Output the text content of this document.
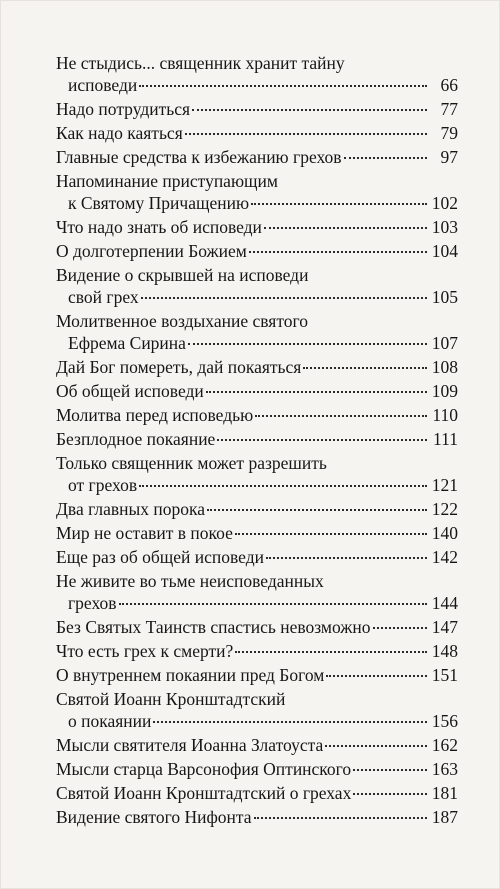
Не стыдись... священник хранит тайну
исповеди	66
Надо потрудиться	77
Как надо каяться	79
Главные средства к избежанию грехов	97
Напоминание приступающим
к Святому Причащению	102
Что надо знать об исповеди	103
О долготерпении Божием	104
Видение о скрывшей на исповеди
свой грех	105
Молитвенное воздыхание святого
Ефрема Сирина	107
Дай Бог помереть, дай покаяться	108
Об общей исповеди	109
Молитва перед исповедью	110
Безплодное покаяние	111
Только священник может разрешить
от грехов	121
Два главных порока	122
Мир не оставит в покое	140
Еще раз об общей исповеди	142
Не живите во тьме неисповеданных
грехов	144
Без Святых Таинств спастись невозможно	147
Что есть грех к смерти?	148
О внутреннем покаянии пред Богом	151
Святой Иоанн Кронштадтский
о покаянии	156
Мысли святителя Иоанна Златоуста	162
Мысли старца Варсонофия Оптинского	163
Святой Иоанн Кронштадтский о грехах	181
Видение святого Нифонта	187
